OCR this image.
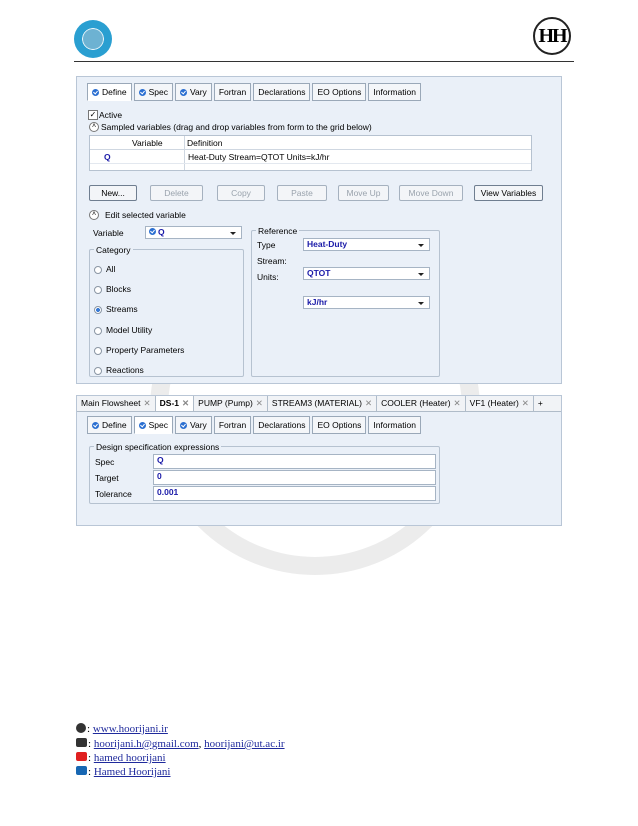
HH
Define	Spec	Vary Fortran Declarations EO Options Information
✓ Active
˄ Sampled variables (drag and drop variables from form to the grid below)
Variable	Definition
Q	Heat-Duty Stream=QTOT Units=kJ/hr
New...	Delete	Copy	Paste	Move Up	Move Down	View Variables
˄	Edit selected variable
Variable	Q
Category
All
Blocks
Streams
Model Utility
Property Parameters
Reactions
Reference
Type	Heat-Duty
Stream:
QTOT
Units:
kJ/hr
Main Flowsheet ✕	DS-1 ✕	PUMP (Pump) ✕	STREAM3 (MATERIAL) ✕	COOLER (Heater) ✕	VF1 (Heater) ✕	+
Define	Spec	Vary Fortran Declarations EO Options Information
Design specification expressions
Spec	Q
Target	0
Tolerance	0.001
: www.hoorijani.ir
: hoorijani.h@gmail.com, hoorijani@ut.ac.ir
: hamed hoorijani
: Hamed Hoorijani
